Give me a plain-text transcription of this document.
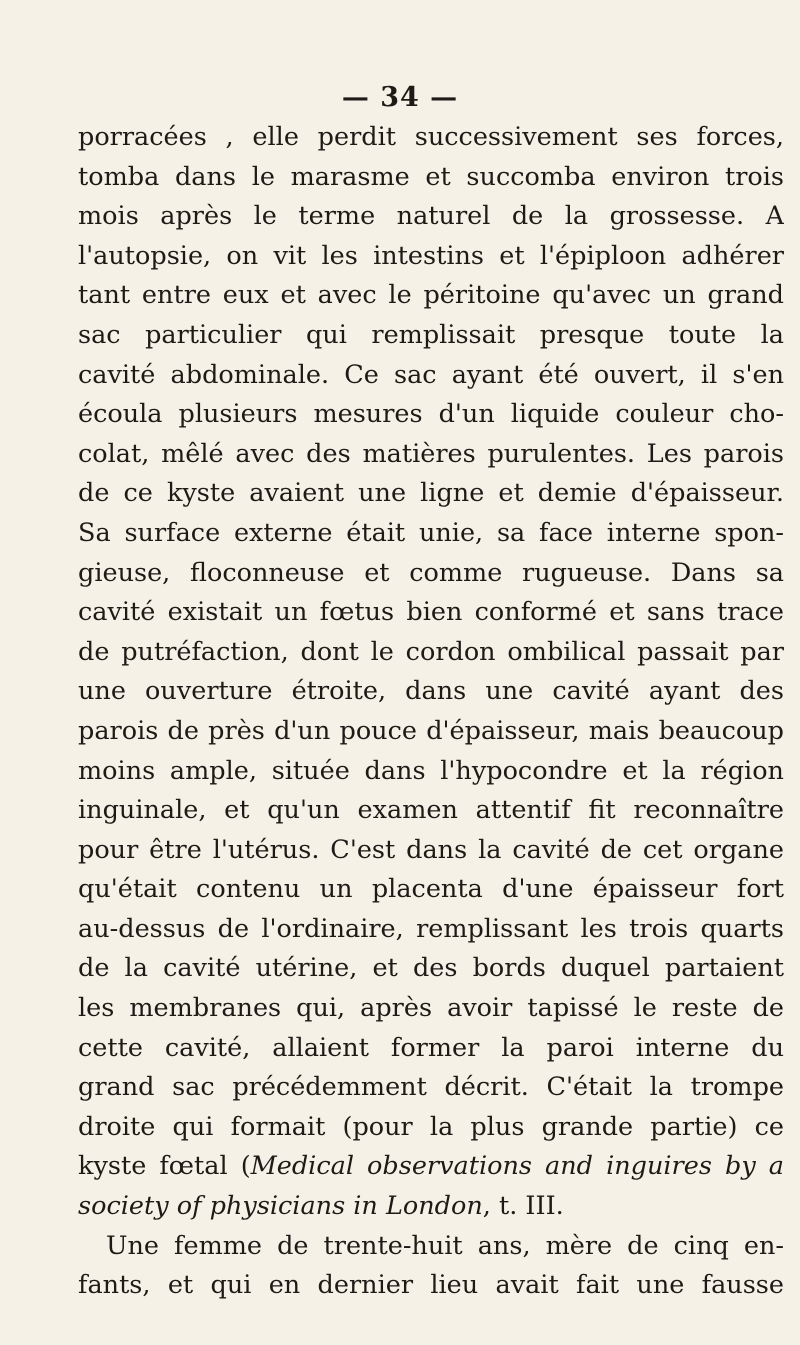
— 34 —
porracées , elle perdit successivement ses forces,
tomba dans le marasme et succomba environ trois
mois après le terme naturel de la grossesse. A
l'autopsie, on vit les intestins et l'épiploon adhérer
tant entre eux et avec le péritoine qu'avec un grand
sac particulier qui remplissait presque toute la
cavité abdominale. Ce sac ayant été ouvert, il s'en
écoula plusieurs mesures d'un liquide couleur cho-
colat, mêlé avec des matières purulentes. Les parois
de ce kyste avaient une ligne et demie d'épaisseur.
Sa surface externe était unie, sa face interne spon-
gieuse, floconneuse et comme rugueuse. Dans sa
cavité existait un fœtus bien conformé et sans trace
de putréfaction, dont le cordon ombilical passait par
une ouverture étroite, dans une cavité ayant des
parois de près d'un pouce d'épaisseur, mais beaucoup
moins ample, située dans l'hypocondre et la région
inguinale, et qu'un examen attentif fit reconnaître
pour être l'utérus. C'est dans la cavité de cet organe
qu'était contenu un placenta d'une épaisseur fort
au-dessus de l'ordinaire, remplissant les trois quarts
de la cavité utérine, et des bords duquel partaient
les membranes qui, après avoir tapissé le reste de
cette cavité, allaient former la paroi interne du
grand sac précédemment décrit. C'était la trompe
droite qui formait (pour la plus grande partie) ce
kyste fœtal (Medical observations and inguires by a
society of physicians in London, t. III.
Une femme de trente-huit ans, mère de cinq en-
fants, et qui en dernier lieu avait fait une fausse
